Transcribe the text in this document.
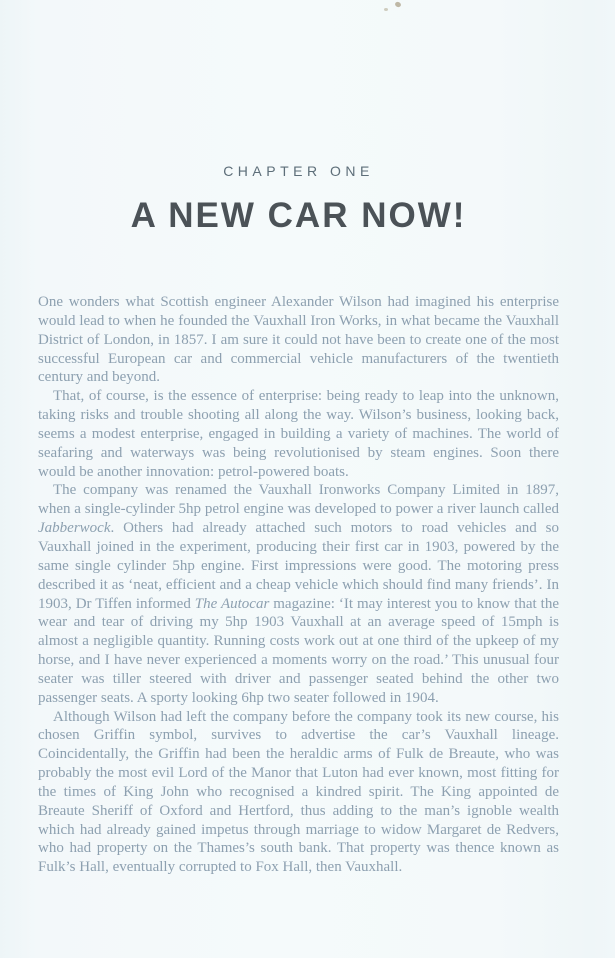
CHAPTER ONE
A NEW CAR NOW!

One wonders what Scottish engineer Alexander Wilson had imagined his enterprise would lead to when he founded the Vauxhall Iron Works, in what became the Vauxhall District of London, in 1857. I am sure it could not have been to create one of the most successful European car and commercial vehicle manufacturers of the twentieth century and beyond.

That, of course, is the essence of enterprise: being ready to leap into the unknown, taking risks and trouble shooting all along the way. Wilson’s business, looking back, seems a modest enterprise, engaged in building a variety of machines. The world of seafaring and waterways was being revolutionised by steam engines. Soon there would be another innovation: petrol-powered boats.

The company was renamed the Vauxhall Ironworks Company Limited in 1897, when a single-cylinder 5hp petrol engine was developed to power a river launch called Jabberwock. Others had already attached such motors to road vehicles and so Vauxhall joined in the experiment, producing their first car in 1903, powered by the same single cylinder 5hp engine. First impressions were good. The motoring press described it as ‘neat, efficient and a cheap vehicle which should find many friends’. In 1903, Dr Tiffen informed The Autocar magazine: ‘It may interest you to know that the wear and tear of driving my 5hp 1903 Vauxhall at an average speed of 15mph is almost a negligible quantity. Running costs work out at one third of the upkeep of my horse, and I have never experienced a moments worry on the road.’ This unusual four seater was tiller steered with driver and passenger seated behind the other two passenger seats. A sporty looking 6hp two seater followed in 1904.

Although Wilson had left the company before the company took its new course, his chosen Griffin symbol, survives to advertise the car’s Vauxhall lineage. Coincidentally, the Griffin had been the heraldic arms of Fulk de Breaute, who was probably the most evil Lord of the Manor that Luton had ever known, most fitting for the times of King John who recognised a kindred spirit. The King appointed de Breaute Sheriff of Oxford and Hertford, thus adding to the man’s ignoble wealth which had already gained impetus through marriage to widow Margaret de Redvers, who had property on the Thames’s south bank. That property was thence known as Fulk’s Hall, eventually corrupted to Fox Hall, then Vauxhall.
